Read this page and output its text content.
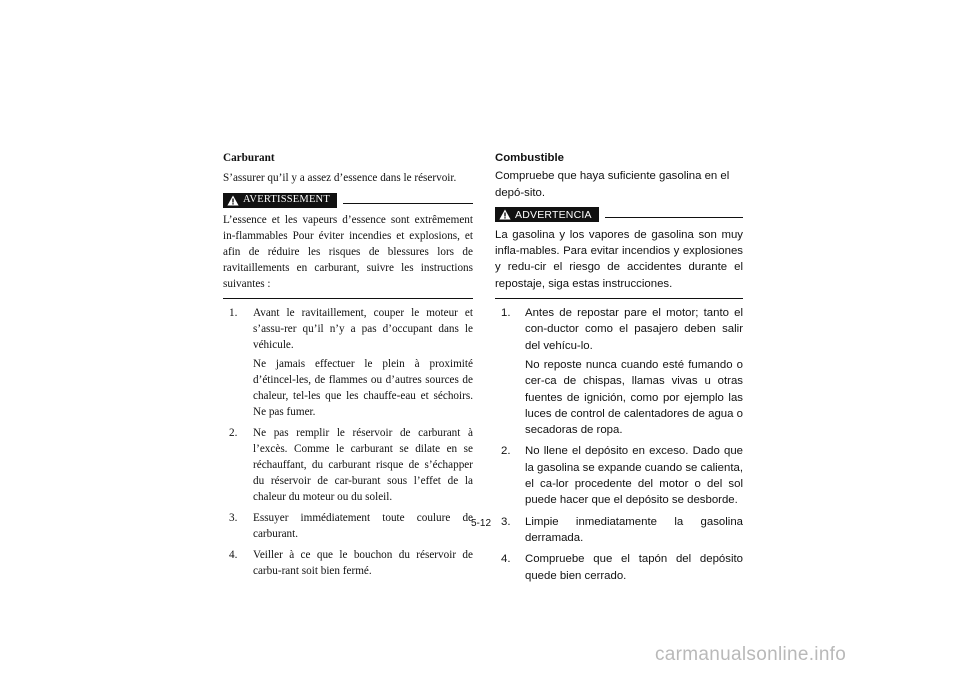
Carburant
S’assurer qu’il y a assez d’essence dans le réservoir.
AVERTISSEMENT
L’essence et les vapeurs d’essence sont extrêmement in-flammables Pour éviter incendies et explosions, et afin de réduire les risques de blessures lors de ravitaillements en carburant, suivre les instructions suivantes :
1.	Avant le ravitaillement, couper le moteur et s’assu-rer qu’il n’y a pas d’occupant dans le véhicule.

Ne jamais effectuer le plein à proximité d’étincel-les, de flammes ou d’autres sources de chaleur, tel-les que les chauffe-eau et séchoirs. Ne pas fumer.

2.	Ne pas remplir le réservoir de carburant à l’excès. Comme le carburant se dilate en se réchauffant, du carburant risque de s’échapper du réservoir de car-burant sous l’effet de la chaleur du moteur ou du soleil.

3.	Essuyer immédiatement toute coulure de carburant.

4.	Veiller à ce que le bouchon du réservoir de carbu-rant soit bien fermé.

Combustible
Compruebe que haya suficiente gasolina en el depó-sito.
ADVERTENCIA
La gasolina y los vapores de gasolina son muy infla-mables. Para evitar incendios y explosiones y redu-cir el riesgo de accidentes durante el repostaje, siga estas instrucciones.
1.	Antes de repostar pare el motor; tanto el con-ductor como el pasajero deben salir del vehícu-lo.

No reposte nunca cuando esté fumando o cer-ca de chispas, llamas vivas u otras fuentes de ignición, como por ejemplo las luces de control de calentadores de agua o secadoras de ropa.

2.	No llene el depósito en exceso. Dado que la gasolina se expande cuando se calienta, el ca-lor procedente del motor o del sol puede hacer que el depósito se desborde.

3.	Limpie inmediatamente la gasolina derramada.

4.	Compruebe que el tapón del depósito quede bien cerrado.

5-12
carmanualsonline.info
